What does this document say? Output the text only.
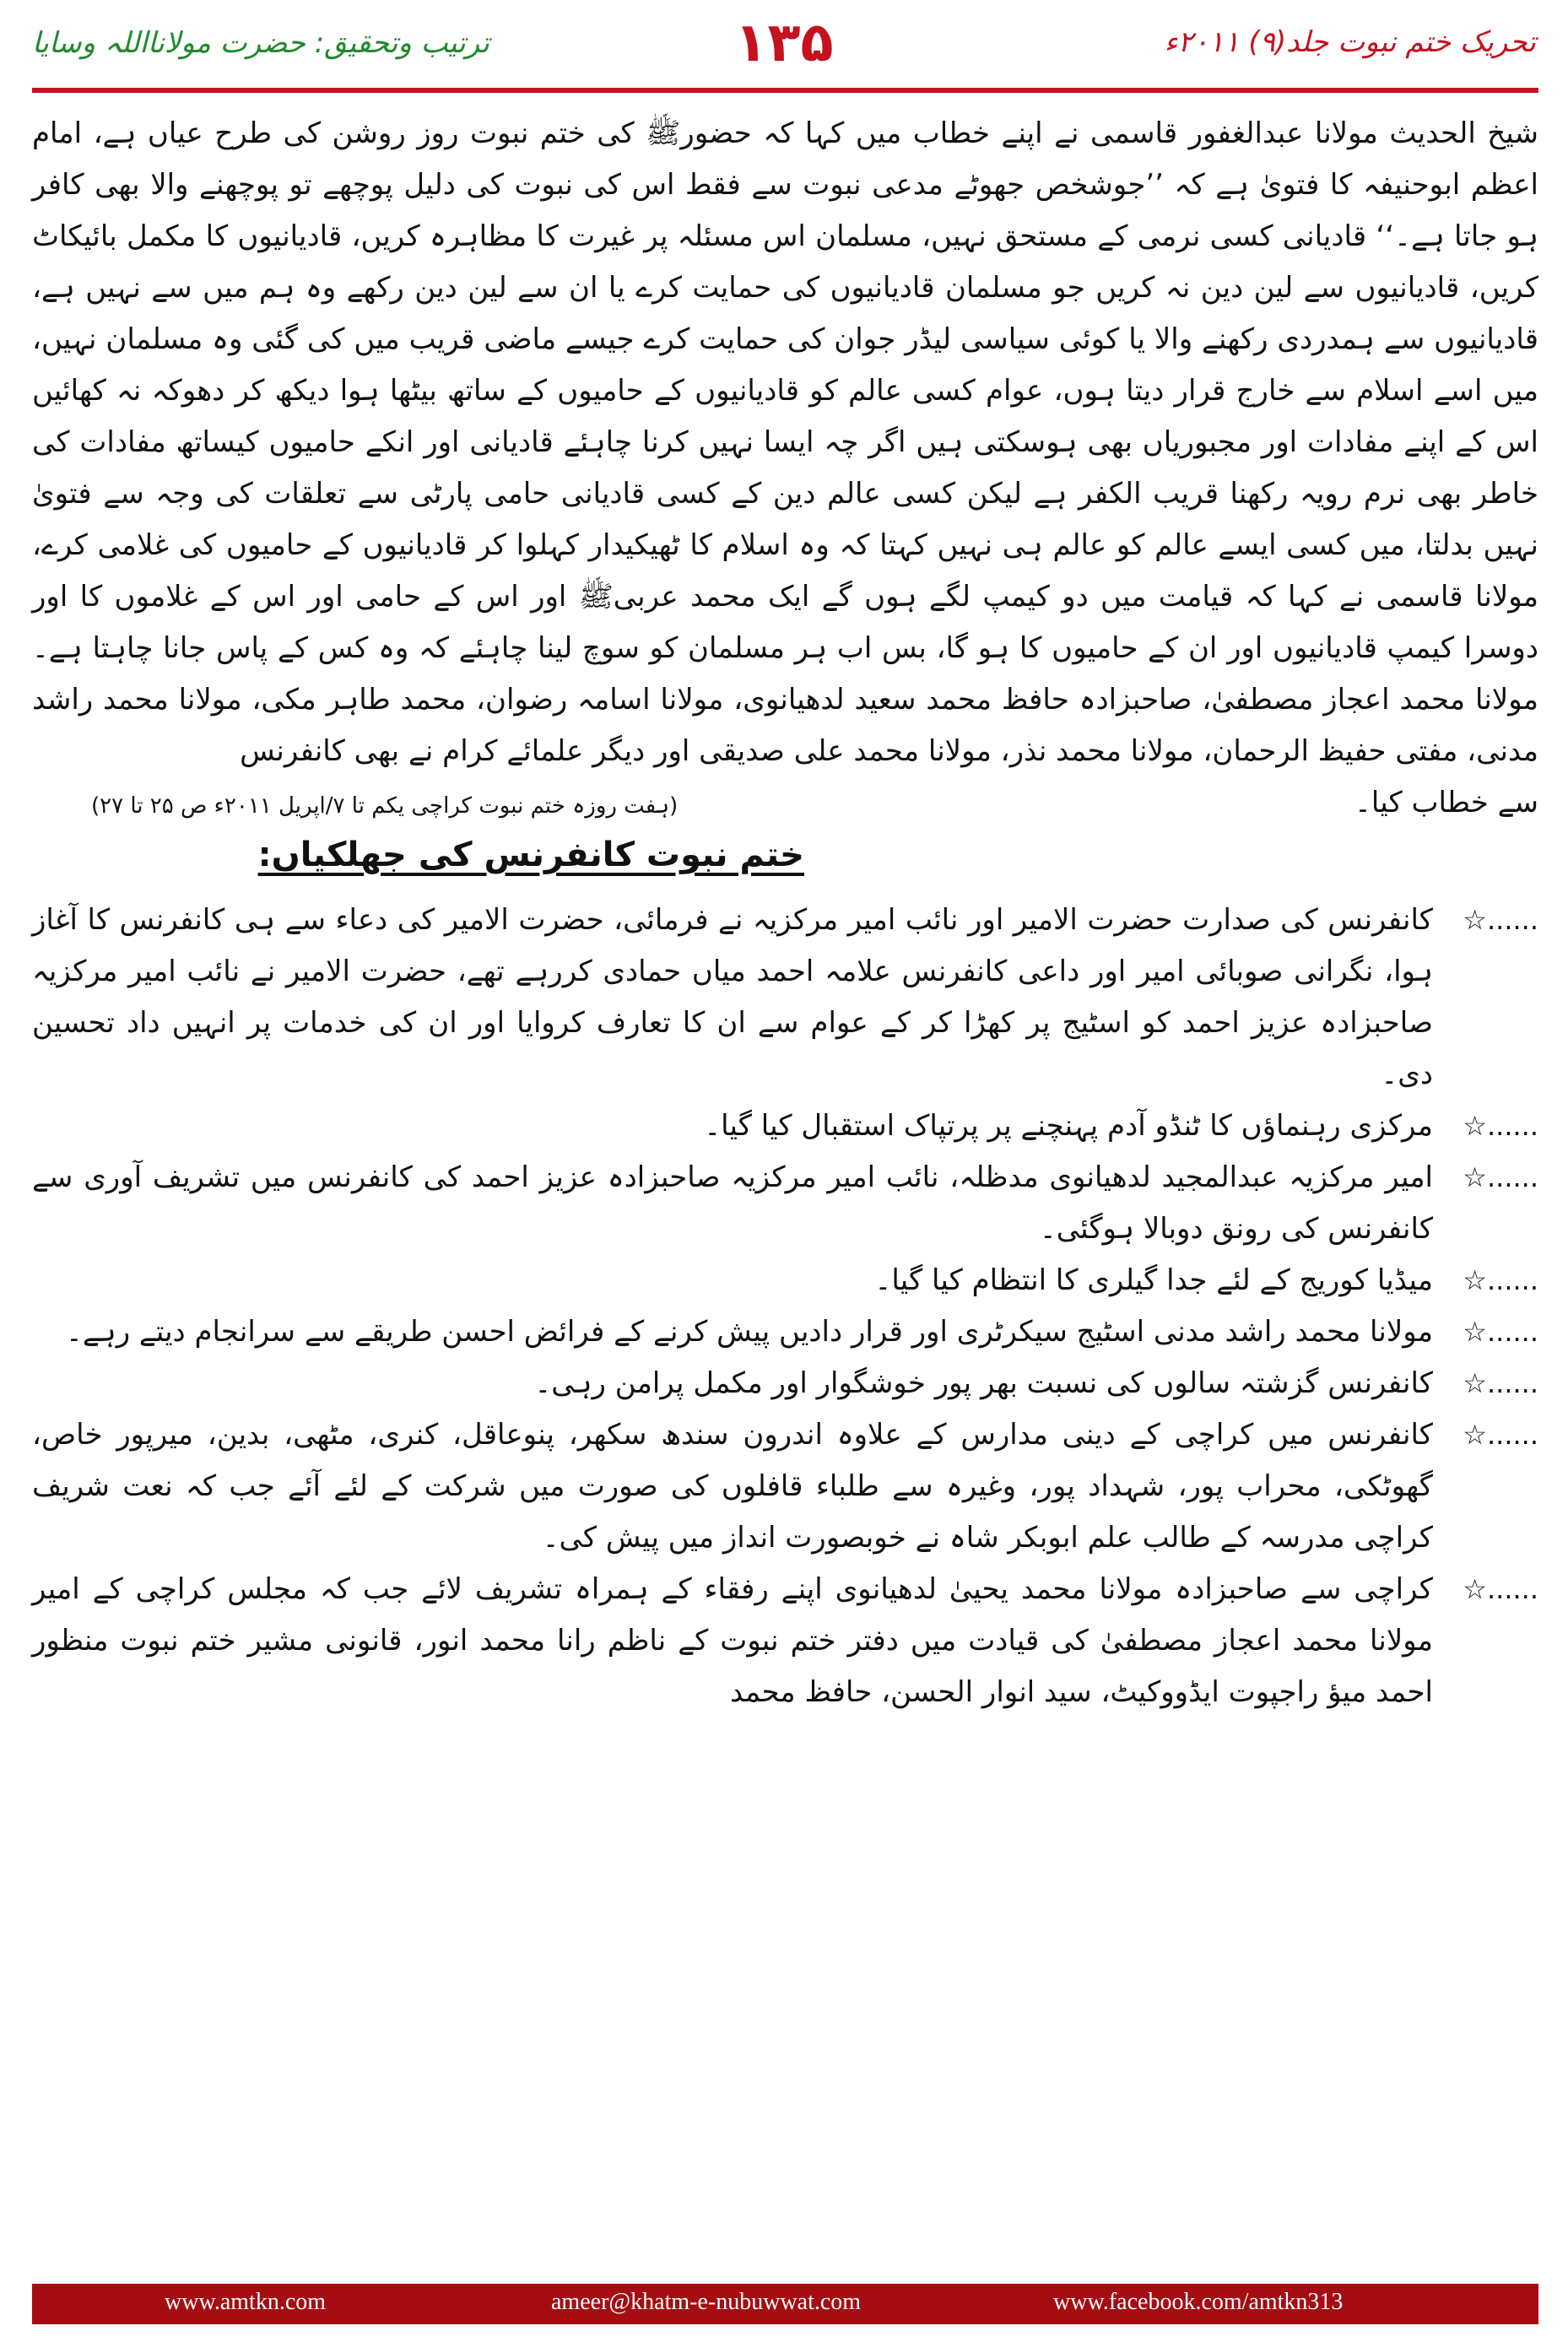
ترتیب وتحقیق: حضرت مولانااللہ وسایا	۱۳۵	تحریک ختم نبوت جلد(۹) ۲۰۱۱ء

شیخ الحدیث مولانا عبدالغفور قاسمی نے اپنے خطاب میں کہا کہ حضورﷺ کی ختم نبوت روز روشن کی طرح عیاں ہے، امام اعظم ابوحنیفہ کا فتویٰ ہے کہ ’’جوشخص جھوٹے مدعی نبوت سے فقط اس کی نبوت کی دلیل پوچھے تو پوچھنے والا بھی کافر ہو جاتا ہے۔‘‘ قادیانی کسی نرمی کے مستحق نہیں، مسلمان اس مسئلہ پر غیرت کا مظاہرہ کریں، قادیانیوں کا مکمل بائیکاٹ کریں، قادیانیوں سے لین دین نہ کریں جو مسلمان قادیانیوں کی حمایت کرے یا ان سے لین دین رکھے وہ ہم میں سے نہیں ہے، قادیانیوں سے ہمدردی رکھنے والا یا کوئی سیاسی لیڈر جوان کی حمایت کرے جیسے ماضی قریب میں کی گئی وہ مسلمان نہیں، میں اسے اسلام سے خارج قرار دیتا ہوں، عوام کسی عالم کو قادیانیوں کے حامیوں کے ساتھ بیٹھا ہوا دیکھ کر دھوکہ نہ کھائیں اس کے اپنے مفادات اور مجبوریاں بھی ہوسکتی ہیں اگر چہ ایسا نہیں کرنا چاہئے قادیانی اور انکے حامیوں کیساتھ مفادات کی خاطر بھی نرم رویہ رکھنا قریب الکفر ہے لیکن کسی عالم دین کے کسی قادیانی حامی پارٹی سے تعلقات کی وجہ سے فتویٰ نہیں بدلتا، میں کسی ایسے عالم کو عالم ہی نہیں کہتا کہ وہ اسلام کا ٹھیکیدار کہلوا کر قادیانیوں کے حامیوں کی غلامی کرے، مولانا قاسمی نے کہا کہ قیامت میں دو کیمپ لگے ہوں گے ایک محمد عربیﷺ اور اس کے حامی اور اس کے غلاموں کا اور دوسرا کیمپ قادیانیوں اور ان کے حامیوں کا ہو گا، بس اب ہر مسلمان کو سوچ لینا چاہئے کہ وہ کس کے پاس جانا چاہتا ہے۔ مولانا محمد اعجاز مصطفیٰ، صاحبزادہ حافظ محمد سعید لدھیانوی، مولانا اسامہ رضوان، محمد طاہر مکی، مولانا محمد راشد مدنی، مفتی حفیظ الرحمان، مولانا محمد نذر، مولانا محمد علی صدیقی اور دیگر علمائے کرام نے بھی کانفرنس

سے خطاب کیا۔
(ہفت روزہ ختم نبوت کراچی یکم تا ۷/اپریل ۲۰۱۱ء ص ۲۵ تا ۲۷)
ختم نبوت کانفرنس کی جھلکیاں:
☆......
کانفرنس کی صدارت حضرت الامیر اور نائب امیر مرکزیہ نے فرمائی، حضرت الامیر کی دعاء سے ہی کانفرنس کا آغاز ہوا، نگرانی صوبائی امیر اور داعی کانفرنس علامہ احمد میاں حمادی کررہے تھے، حضرت الامیر نے نائب امیر مرکزیہ صاحبزادہ عزیز احمد کو اسٹیج پر کھڑا کر کے عوام سے ان کا تعارف کروایا اور ان کی خدمات پر انہیں داد تحسین دی۔
☆......
مرکزی رہنماؤں کا ٹنڈو آدم پہنچنے پر پرتپاک استقبال کیا گیا۔
☆......
امیر مرکزیہ عبدالمجید لدھیانوی مدظلہ، نائب امیر مرکزیہ صاحبزادہ عزیز احمد کی کانفرنس میں تشریف آوری سے کانفرنس کی رونق دوبالا ہوگئی۔
☆......
میڈیا کوریج کے لئے جدا گیلری کا انتظام کیا گیا۔
☆......
مولانا محمد راشد مدنی اسٹیج سیکرٹری اور قرار دادیں پیش کرنے کے فرائض احسن طریقے سے سرانجام دیتے رہے۔
☆......
کانفرنس گزشتہ سالوں کی نسبت بھر پور خوشگوار اور مکمل پرامن رہی۔
☆......
کانفرنس میں کراچی کے دینی مدارس کے علاوہ اندرون سندھ سکھر، پنوعاقل، کنری، مٹھی، بدین، میرپور خاص، گھوٹکی، محراب پور، شہداد پور، وغیرہ سے طلباء قافلوں کی صورت میں شرکت کے لئے آئے جب کہ نعت شریف کراچی مدرسہ کے طالب علم ابوبکر شاہ نے خوبصورت انداز میں پیش کی۔
☆......
کراچی سے صاحبزادہ مولانا محمد یحییٰ لدھیانوی اپنے رفقاء کے ہمراہ تشریف لائے جب کہ مجلس کراچی کے امیر مولانا محمد اعجاز مصطفیٰ کی قیادت میں دفتر ختم نبوت کے ناظم رانا محمد انور، قانونی مشیر ختم نبوت منظور احمد میؤ راجپوت ایڈووکیٹ، سید انوار الحسن، حافظ محمد
www.amtkn.com	ameer@khatm-e-nubuwwat.com	www.facebook.com/amtkn313
